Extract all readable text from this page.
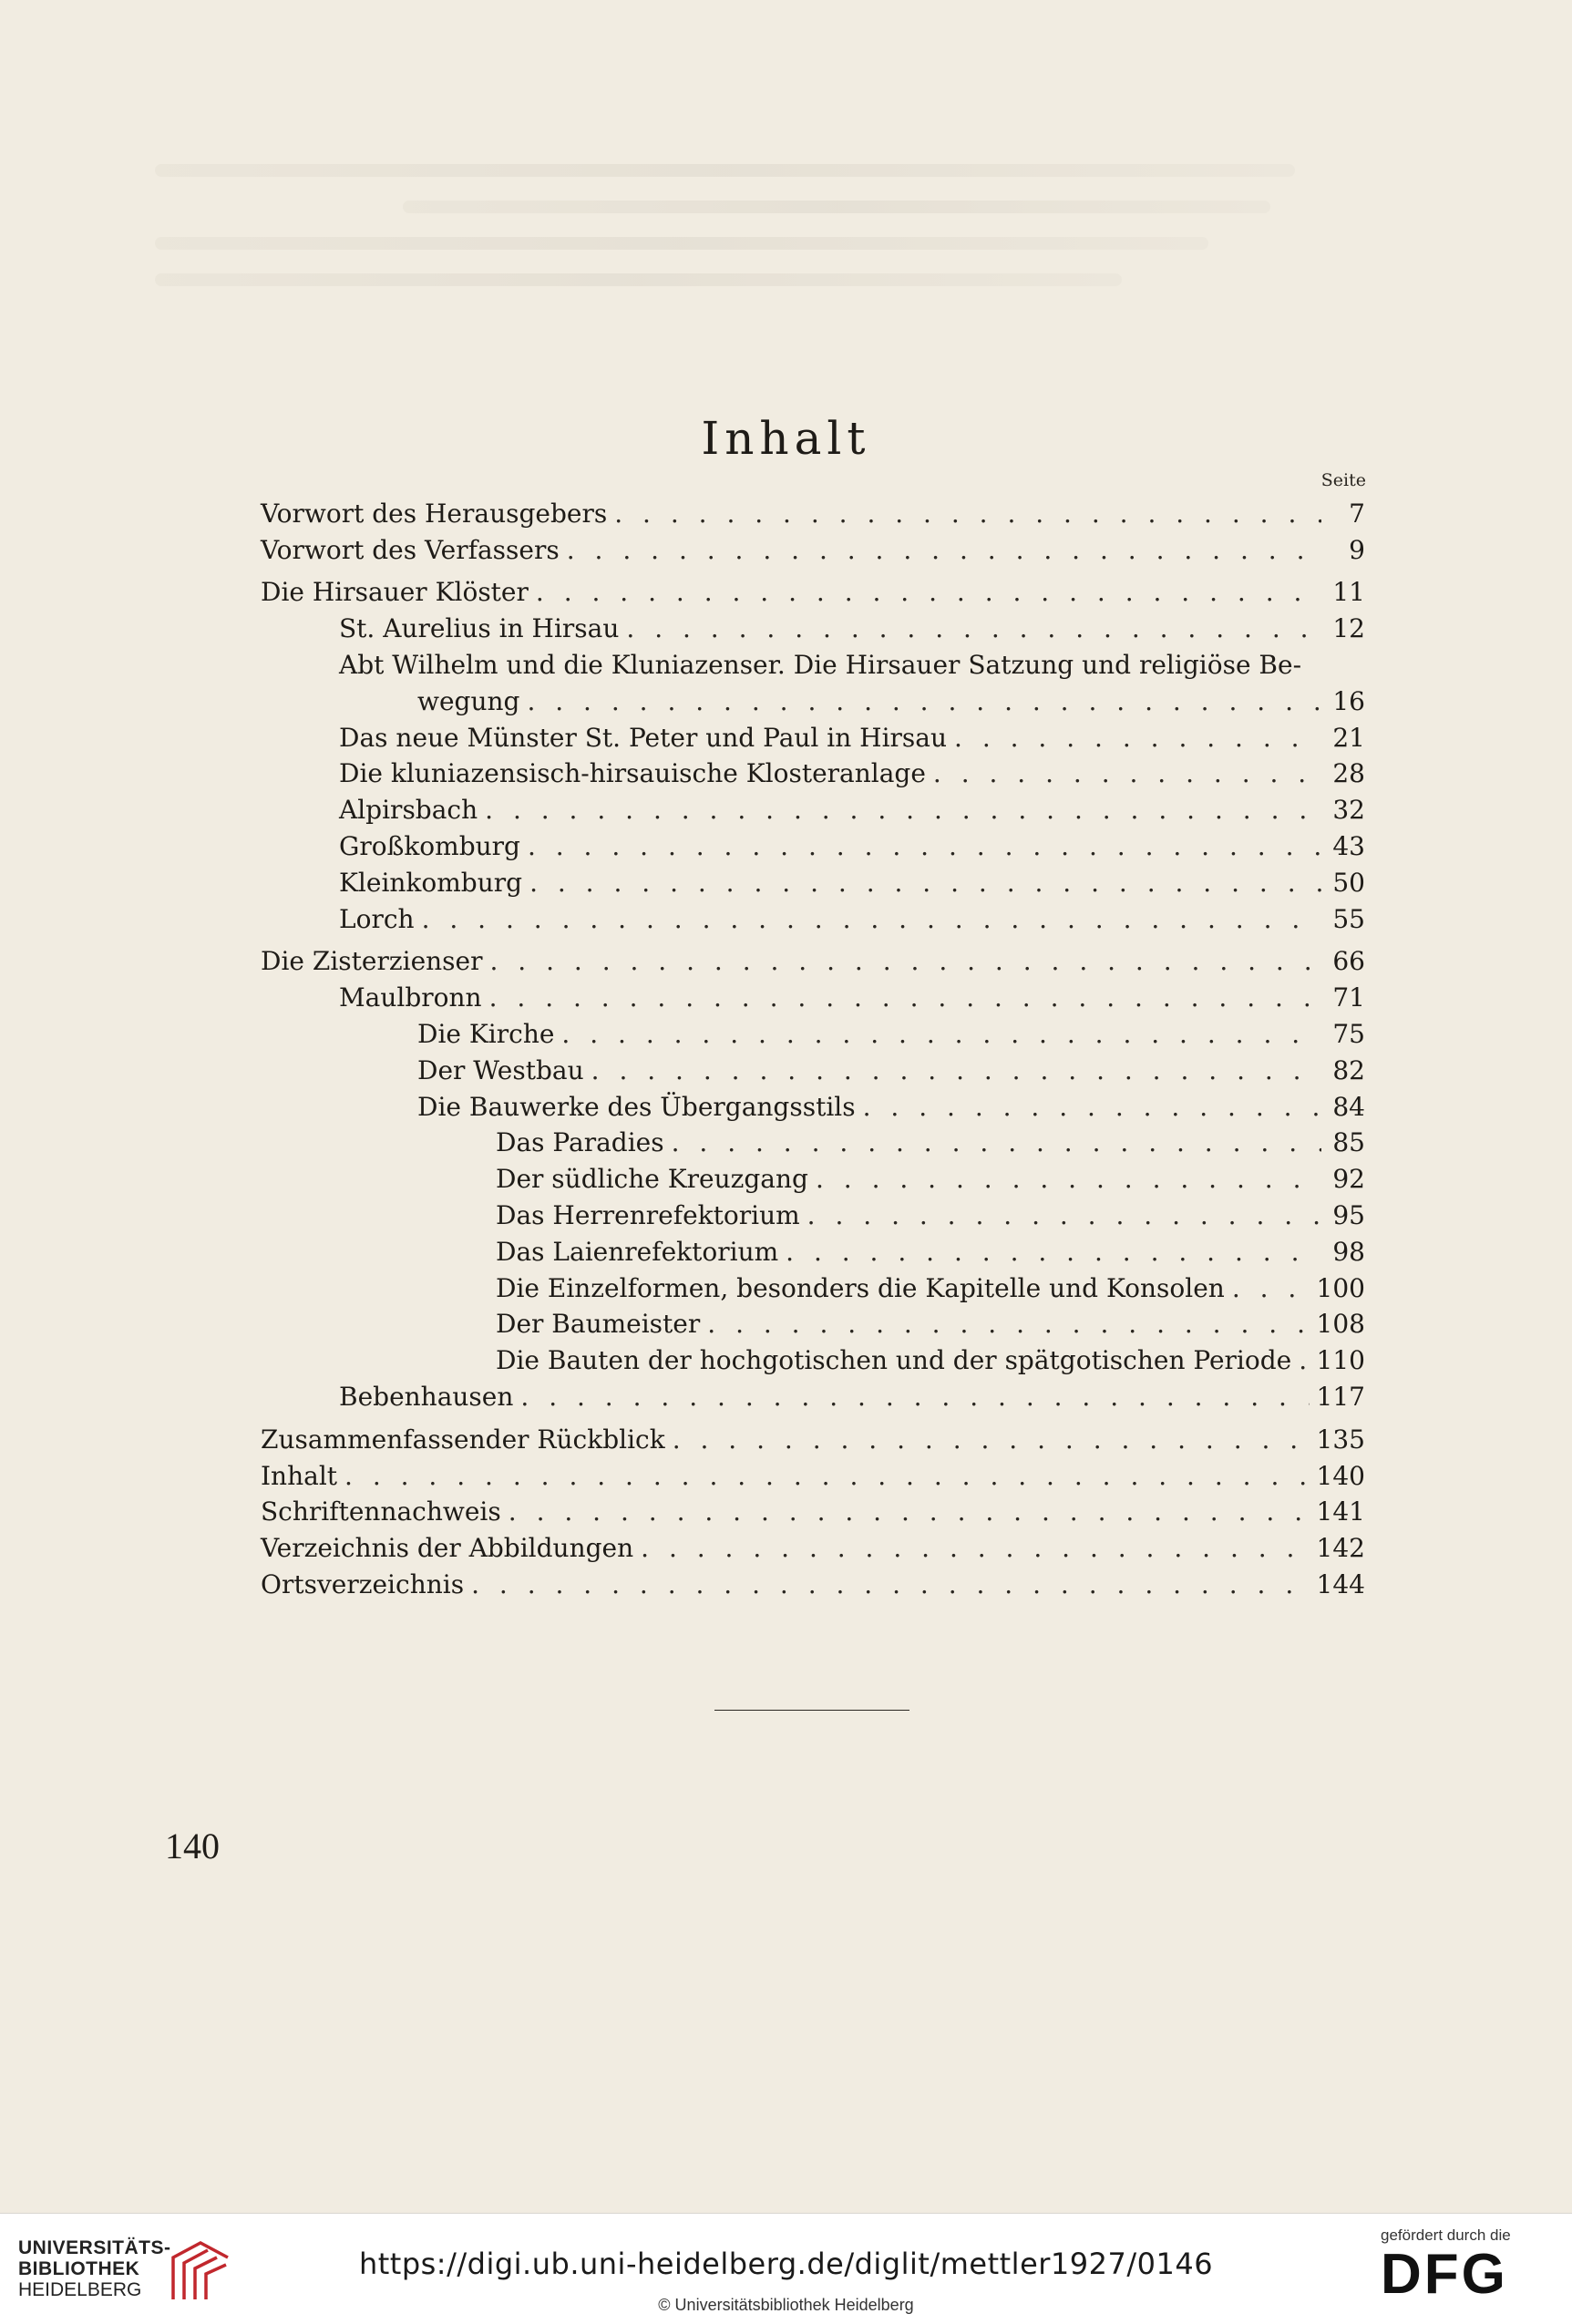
Inhalt
Seite
Vorwort des Herausgebers . . .	7
Vorwort des Verfassers . . .	9
Die Hirsauer Klöster . . .	11
St. Aurelius in Hirsau . . .	12
Abt Wilhelm und die Kluniazenser. Die Hirsauer Satzung und religiöse Be-
wegung . . .	16
Das neue Münster St. Peter und Paul in Hirsau . . .	21
Die kluniazensisch-hirsauische Klosteranlage . . .	28
Alpirsbach . . .	32
Großkomburg . . .	43
Kleinkomburg . . .	50
Lorch . . .	55
Die Zisterzienser . . .	66
Maulbronn . . .	71
Die Kirche . . .	75
Der Westbau . . .	82
Die Bauwerke des Übergangsstils . . .	84
Das Paradies . . .	85
Der südliche Kreuzgang . . .	92
Das Herrenrefektorium . . .	95
Das Laienrefektorium . . .	98
Die Einzelformen, besonders die Kapitelle und Konsolen . . .	100
Der Baumeister . . .	108
Die Bauten der hochgotischen und der spätgotischen Periode . . . 110
Bebenhausen . . .	117
Zusammenfassender Rückblick . . .	135
Inhalt . . .	140
Schriftennachweis . . .	141
Verzeichnis der Abbildungen . . .	142
Ortsverzeichnis . . .	144
140
UNIVERSITÄTS-
BIBLIOTHEK
HEIDELBERG
https://digi.ub.uni-heidelberg.de/diglit/mettler1927/0146
© Universitätsbibliothek Heidelberg
gefördert durch die
DFG
